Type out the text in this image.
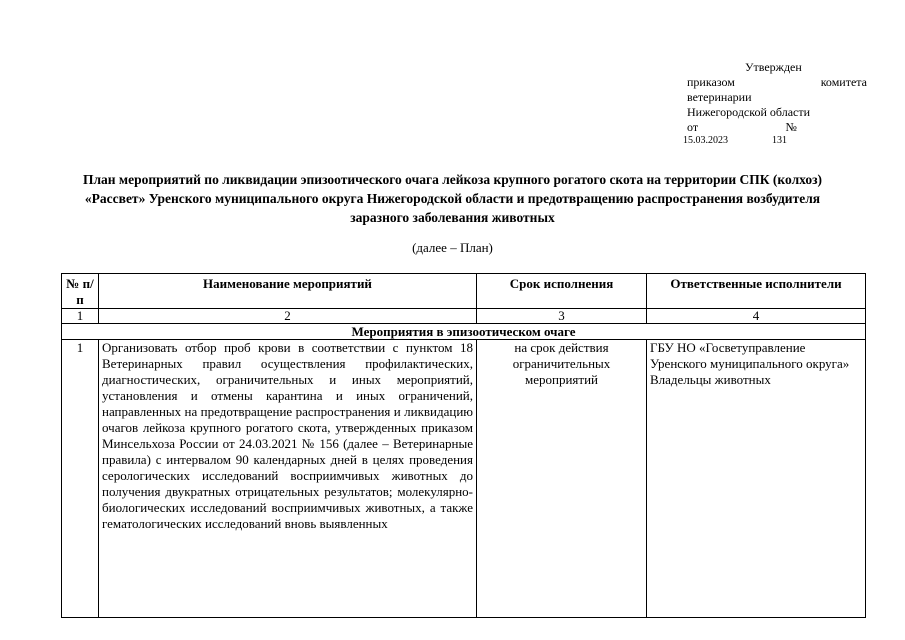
Утвержден
приказом	комитета
ветеринарии
Нижегородской области
от	№
15.03.2023	131
План мероприятий по ликвидации эпизоотического очага лейкоза крупного рогатого скота на территории СПК (колхоз) «Рассвет» Уренского муниципального округа Нижегородской области и предотвращению распространения возбудителя заразного заболевания животных
(далее – План)
№ п/п	Наименование мероприятий	Срок исполнения	Ответственные исполнители
1	2	3	4
Мероприятия в эпизоотическом очаге			
1	Организовать отбор проб крови в соответствии с пунктом 18 Ветеринарных правил осуществления профилактических, диагностических, ограничительных и иных мероприятий, установления и отмены карантина и иных ограничений, направленных на предотвращение распространения и ликвидацию очагов лейкоза крупного рогатого скота, утвержденных приказом Минсельхоза России от 24.03.2021 № 156 (далее – Ветеринарные правила) с интервалом 90 календарных дней в целях проведения серологических исследований восприимчивых животных до получения двукратных отрицательных результатов; молекулярно-биологических исследований восприимчивых животных, а также гематологических исследований вновь выявленных	на срок действия ограничительных мероприятий	ГБУ НО «Госветуправление Уренского муниципального округа»
Владельцы животных
